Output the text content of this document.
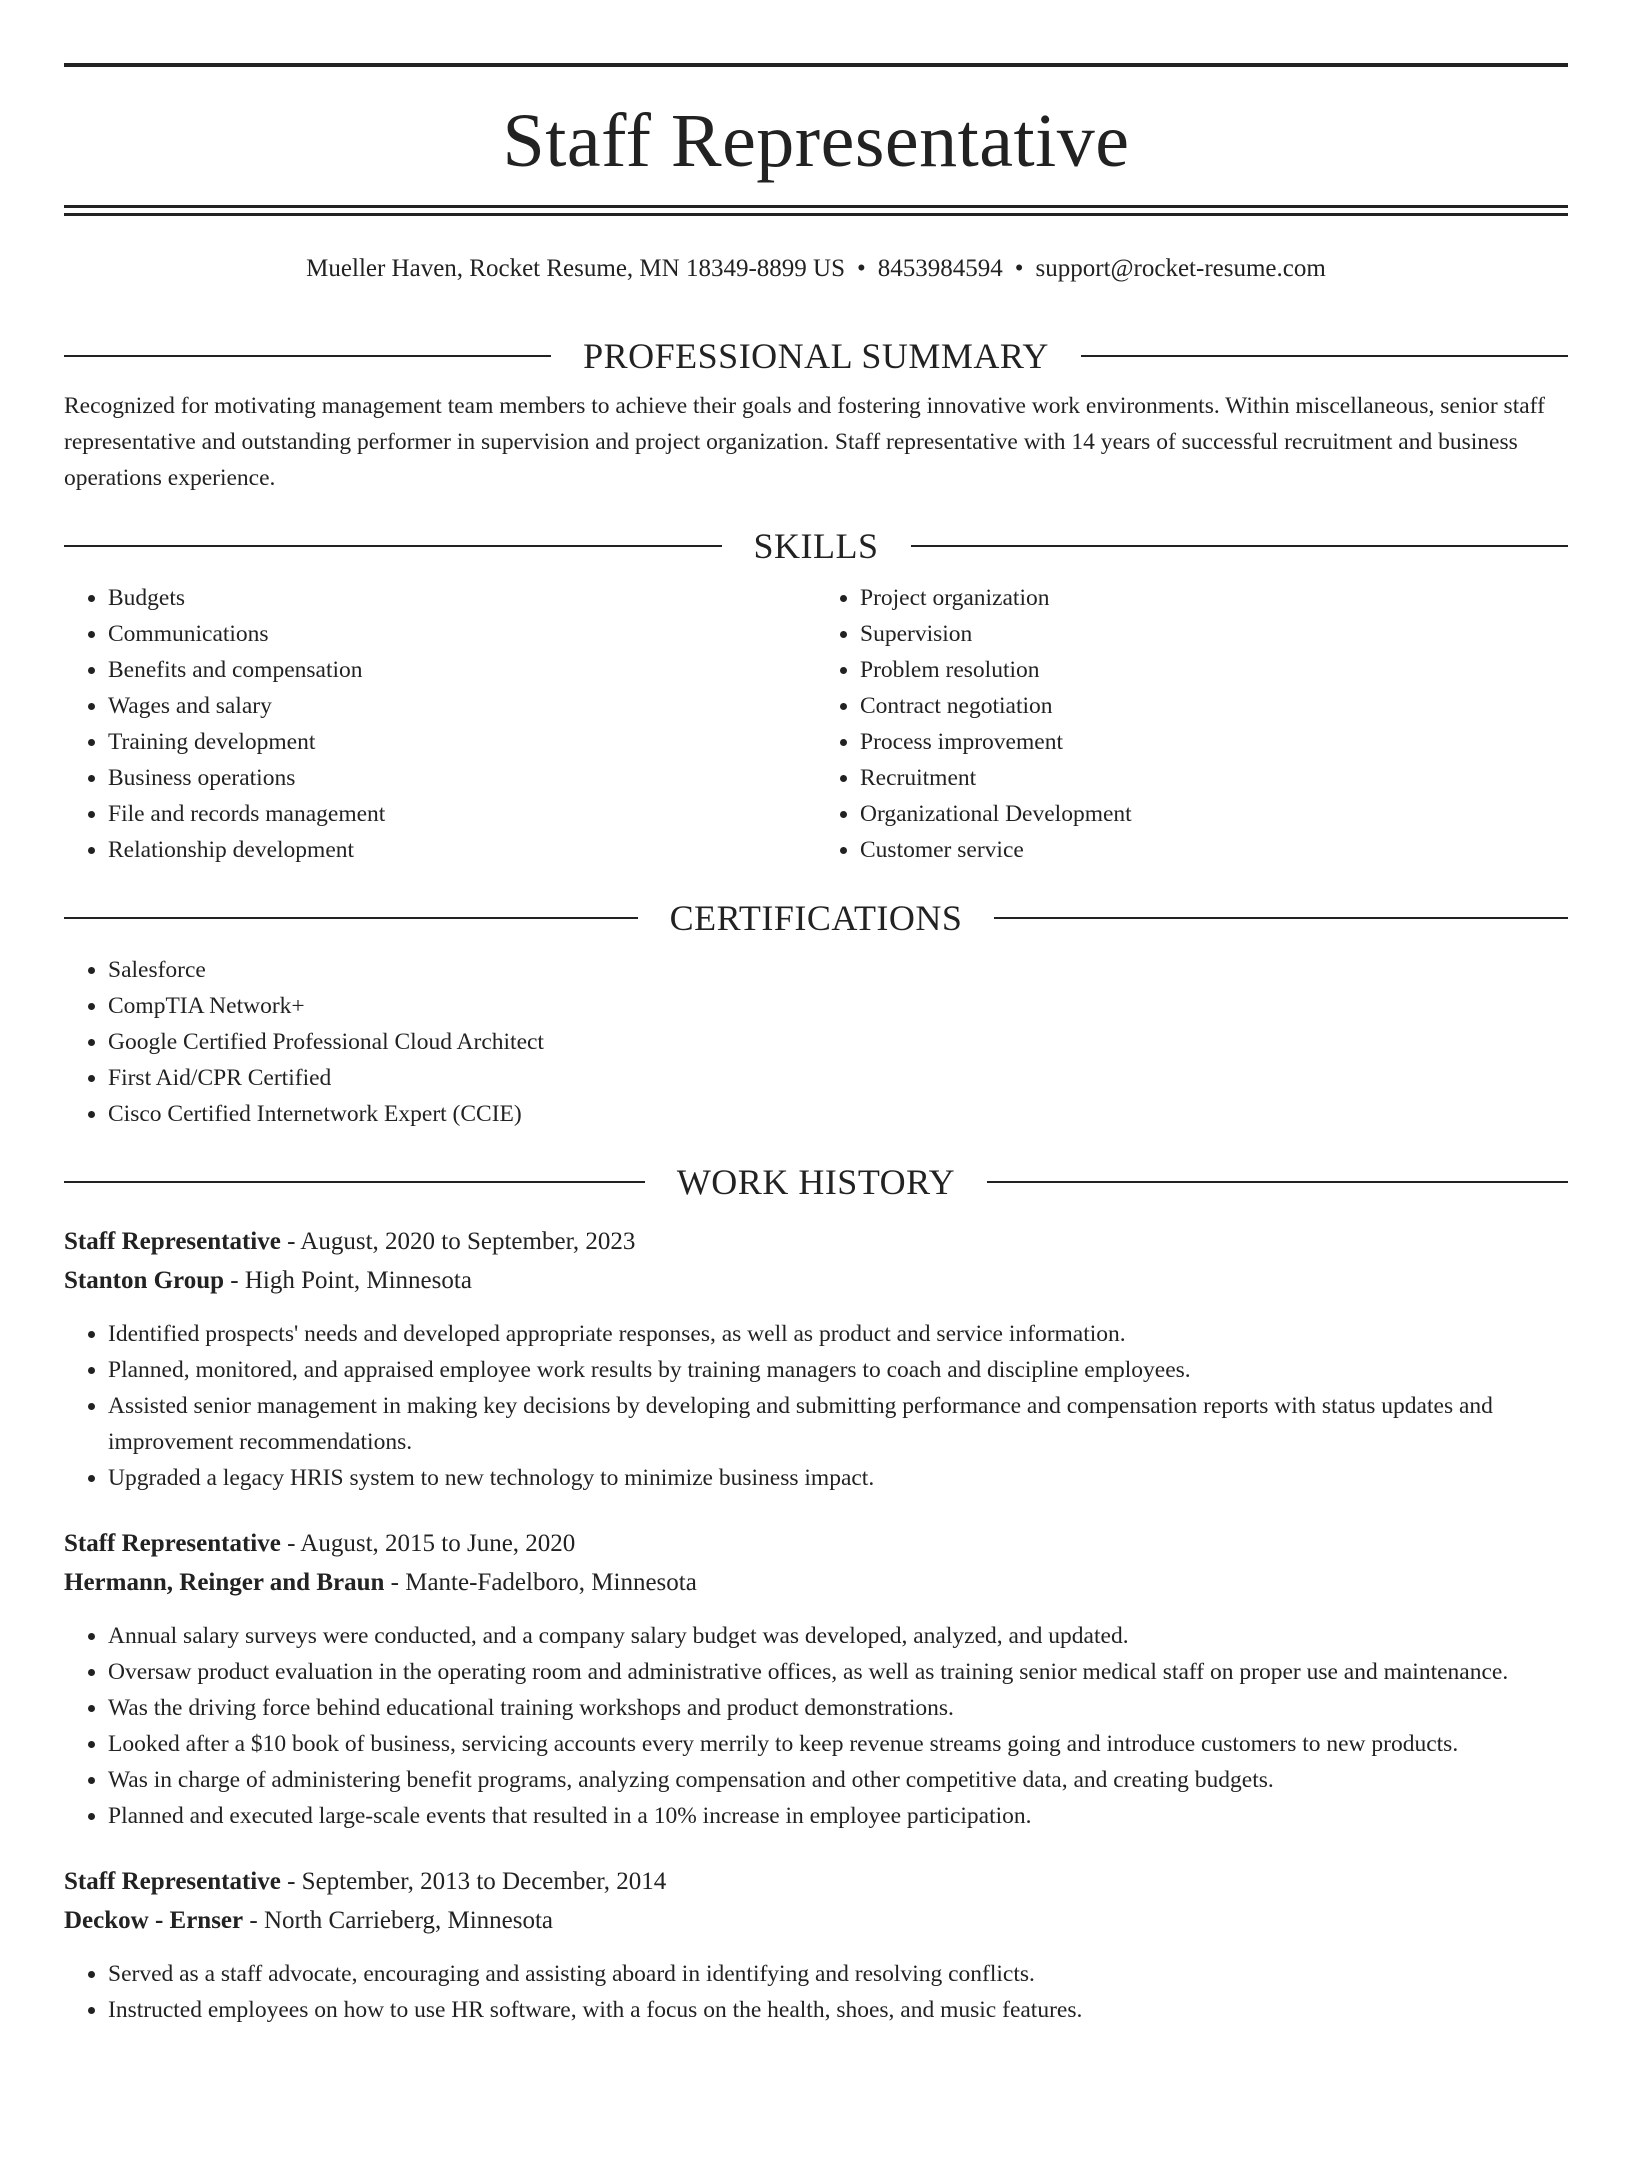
Staff Representative
Mueller Haven, Rocket Resume, MN 18349-8899 US • 8453984594 • support@rocket-resume.com
PROFESSIONAL SUMMARY
Recognized for motivating management team members to achieve their goals and fostering innovative work environments. Within miscellaneous, senior staff representative and outstanding performer in supervision and project organization. Staff representative with 14 years of successful recruitment and business operations experience.
SKILLS
• Budgets
• Communications
• Benefits and compensation
• Wages and salary
• Training development
• Business operations
• File and records management
• Relationship development
• Project organization
• Supervision
• Problem resolution
• Contract negotiation
• Process improvement
• Recruitment
• Organizational Development
• Customer service
CERTIFICATIONS
• Salesforce
• CompTIA Network+
• Google Certified Professional Cloud Architect
• First Aid/CPR Certified
• Cisco Certified Internetwork Expert (CCIE)
WORK HISTORY
Staff Representative - August, 2020 to September, 2023
Stanton Group - High Point, Minnesota
• Identified prospects' needs and developed appropriate responses, as well as product and service information.
• Planned, monitored, and appraised employee work results by training managers to coach and discipline employees.
• Assisted senior management in making key decisions by developing and submitting performance and compensation reports with status updates and improvement recommendations.
• Upgraded a legacy HRIS system to new technology to minimize business impact.
Staff Representative - August, 2015 to June, 2020
Hermann, Reinger and Braun - Mante-Fadelboro, Minnesota
• Annual salary surveys were conducted, and a company salary budget was developed, analyzed, and updated.
• Oversaw product evaluation in the operating room and administrative offices, as well as training senior medical staff on proper use and maintenance.
• Was the driving force behind educational training workshops and product demonstrations.
• Looked after a $10 book of business, servicing accounts every merrily to keep revenue streams going and introduce customers to new products.
• Was in charge of administering benefit programs, analyzing compensation and other competitive data, and creating budgets.
• Planned and executed large-scale events that resulted in a 10% increase in employee participation.
Staff Representative - September, 2013 to December, 2014
Deckow - Ernser - North Carrieberg, Minnesota
• Served as a staff advocate, encouraging and assisting aboard in identifying and resolving conflicts.
• Instructed employees on how to use HR software, with a focus on the health, shoes, and music features.
